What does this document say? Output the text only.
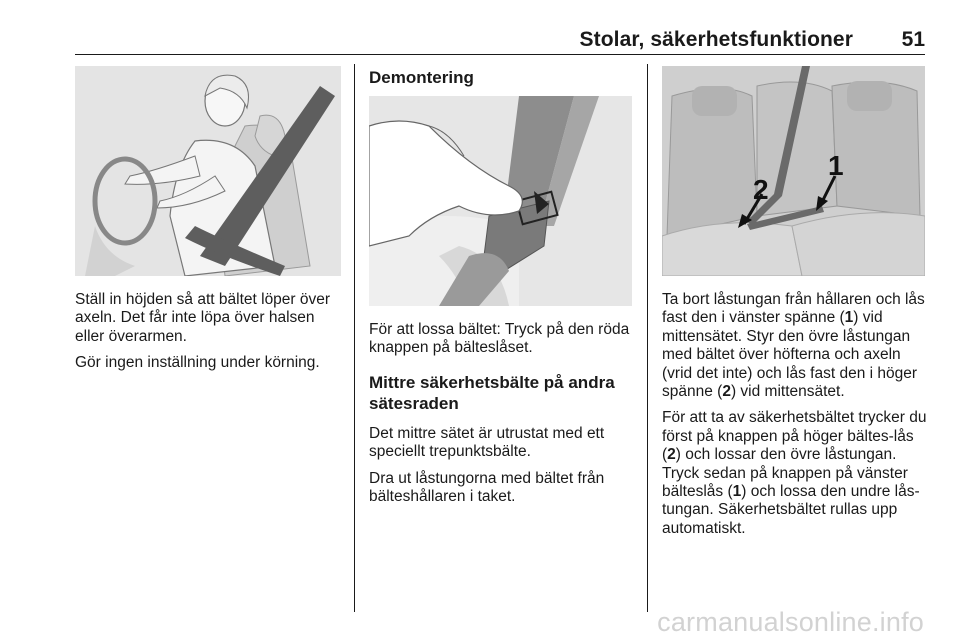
Stolar, säkerhetsfunktioner 51

Ställ in höjden så att bältet löper över axeln. Det får inte löpa över halsen eller överarmen.

Gör ingen inställning under körning.

Demontering

För att lossa bältet: Tryck på den röda knappen på bälteslåset.

Mittre säkerhetsbälte på andra sätesraden

Det mittre sätet är utrustat med ett speciellt trepunktsbälte.

Dra ut låstungorna med bältet från bälteshållaren i taket.

1
2

Ta bort låstungan från hållaren och lås fast den i vänster spänne (1) vid mittensätet. Styr den övre låstungan med bältet över höfterna och axeln (vrid det inte) och lås fast den i höger spänne (2) vid mittensätet.

För att ta av säkerhetsbältet trycker du först på knappen på höger bältes-lås (2) och lossar den övre låstungan. Tryck sedan på knappen på vänster bälteslås (1) och lossa den undre lås-tungan. Säkerhetsbältet rullas upp automatiskt.

carmanualsonline.info
